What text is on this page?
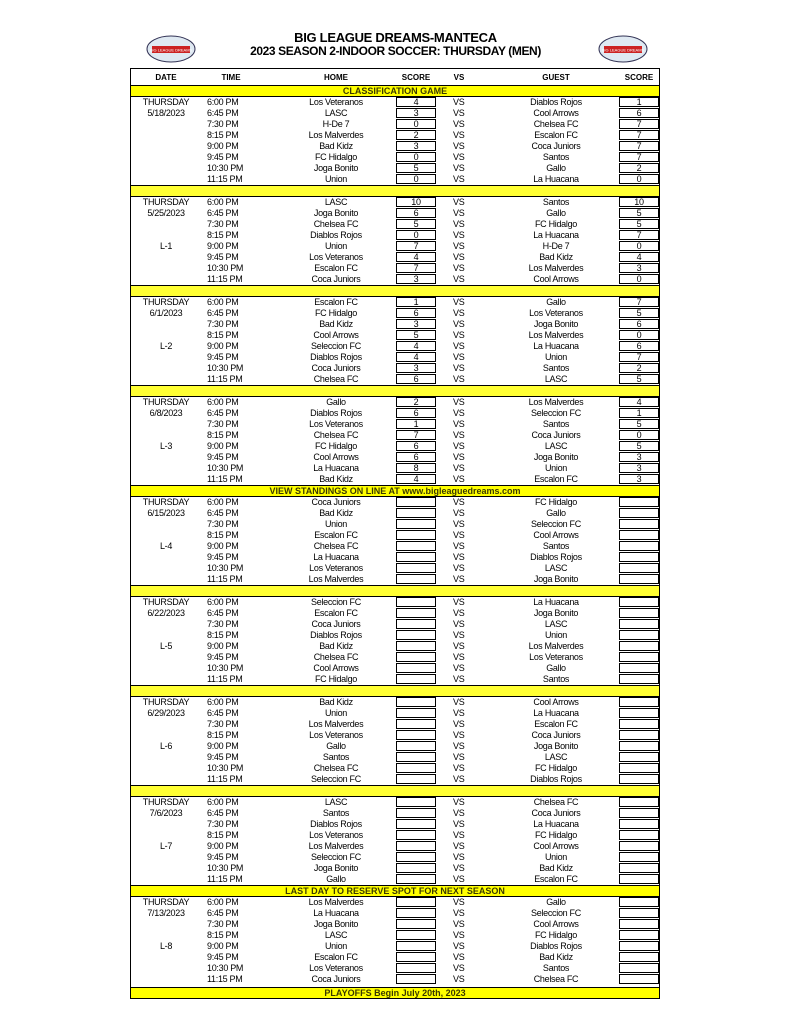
BIG LEAGUE DREAMS
BIG LEAGUE DREAMS-MANTECA
2023 SEASON 2-INDOOR SOCCER: THURSDAY (MEN)	BIG LEAGUE DREAMS
DATE	TIME	HOME	SCORE	VS	GUEST	SCORE
CLASSIFICATION GAME
THURSDAY	6:00 PM	Los Veteranos	4	VS	Diablos Rojos	1
5/18/2023	6:45 PM	LASC	3	VS	Cool Arrows	6
7:30 PM	H-De 7	0	VS	Chelsea FC	7
8:15 PM	Los Malverdes	2	VS	Escalon FC	7
9:00 PM	Bad Kidz	3	VS	Coca Juniors	7
9:45 PM	FC Hidalgo	0	VS	Santos	7
10:30 PM	Joga Bonito	5	VS	Gallo	2
11:15 PM	Union	0	VS	La Huacana	0
THURSDAY	6:00 PM	LASC	10	VS	Santos	10
5/25/2023	6:45 PM	Joga Bonito	6	VS	Gallo	5
7:30 PM	Chelsea FC	5	VS	FC Hidalgo	5
8:15 PM	Diablos Rojos	0	VS	La Huacana	7
L-1	9:00 PM	Union	7	VS	H-De 7	0
9:45 PM	Los Veteranos	4	VS	Bad Kidz	4
10:30 PM	Escalon FC	7	VS	Los Malverdes	3
11:15 PM	Coca Juniors	3	VS	Cool Arrows	0
THURSDAY	6:00 PM	Escalon FC	1	VS	Gallo	7
6/1/2023	6:45 PM	FC Hidalgo	6	VS	Los Veteranos	5
7:30 PM	Bad Kidz	3	VS	Joga Bonito	6
8:15 PM	Cool Arrows	5	VS	Los Malverdes	0
L-2	9:00 PM	Seleccion FC	4	VS	La Huacana	6
9:45 PM	Diablos Rojos	4	VS	Union	7
10:30 PM	Coca Juniors	3	VS	Santos	2
11:15 PM	Chelsea FC	6	VS	LASC	5
THURSDAY	6:00 PM	Gallo	2	VS	Los Malverdes	4
6/8/2023	6:45 PM	Diablos Rojos	6	VS	Seleccion FC	1
7:30 PM	Los Veteranos	1	VS	Santos	5
8:15 PM	Chelsea FC	7	VS	Coca Juniors	0
L-3	9:00 PM	FC Hidalgo	6	VS	LASC	5
9:45 PM	Cool Arrows	6	VS	Joga Bonito	3
10:30 PM	La Huacana	8	VS	Union	3
11:15 PM	Bad Kidz	4	VS	Escalon FC	3
VIEW STANDINGS ON LINE AT www.bigleaguedreams.com
THURSDAY	6:00 PM	Coca Juniors	VS	FC Hidalgo
6/15/2023	6:45 PM	Bad Kidz	VS	Gallo
7:30 PM	Union	VS	Seleccion FC
8:15 PM	Escalon FC	VS	Cool Arrows
L-4	9:00 PM	Chelsea FC	VS	Santos
9:45 PM	La Huacana	VS	Diablos Rojos
10:30 PM	Los Veteranos	VS	LASC
11:15 PM	Los Malverdes	VS	Joga Bonito
THURSDAY	6:00 PM	Seleccion FC	VS	La Huacana
6/22/2023	6:45 PM	Escalon FC	VS	Joga Bonito
7:30 PM	Coca Juniors	VS	LASC
8:15 PM	Diablos Rojos	VS	Union
L-5	9:00 PM	Bad Kidz	VS	Los Malverdes
9:45 PM	Chelsea FC	VS	Los Veteranos
10:30 PM	Cool Arrows	VS	Gallo
11:15 PM	FC Hidalgo	VS	Santos
THURSDAY	6:00 PM	Bad Kidz	VS	Cool Arrows
6/29/2023	6:45 PM	Union	VS	La Huacana
7:30 PM	Los Malverdes	VS	Escalon FC
8:15 PM	Los Veteranos	VS	Coca Juniors
L-6	9:00 PM	Gallo	VS	Joga Bonito
9:45 PM	Santos	VS	LASC
10:30 PM	Chelsea FC	VS	FC Hidalgo
11:15 PM	Seleccion FC	VS	Diablos Rojos
THURSDAY	6:00 PM	LASC	VS	Chelsea FC
7/6/2023	6:45 PM	Santos	VS	Coca Juniors
7:30 PM	Diablos Rojos	VS	La Huacana
8:15 PM	Los Veteranos	VS	FC Hidalgo
L-7	9:00 PM	Los Malverdes	VS	Cool Arrows
9:45 PM	Seleccion FC	VS	Union
10:30 PM	Joga Bonito	VS	Bad Kidz
11:15 PM	Gallo	VS	Escalon FC
LAST DAY TO RESERVE SPOT FOR NEXT SEASON
THURSDAY	6:00 PM	Los Malverdes	VS	Gallo
7/13/2023	6:45 PM	La Huacana	VS	Seleccion FC
7:30 PM	Joga Bonito	VS	Cool Arrows
8:15 PM	LASC	VS	FC Hidalgo
L-8	9:00 PM	Union	VS	Diablos Rojos
9:45 PM	Escalon FC	VS	Bad Kidz
10:30 PM	Los Veteranos	VS	Santos
11:15 PM	Coca Juniors	VS	Chelsea FC
PLAYOFFS Begin July 20th, 2023
